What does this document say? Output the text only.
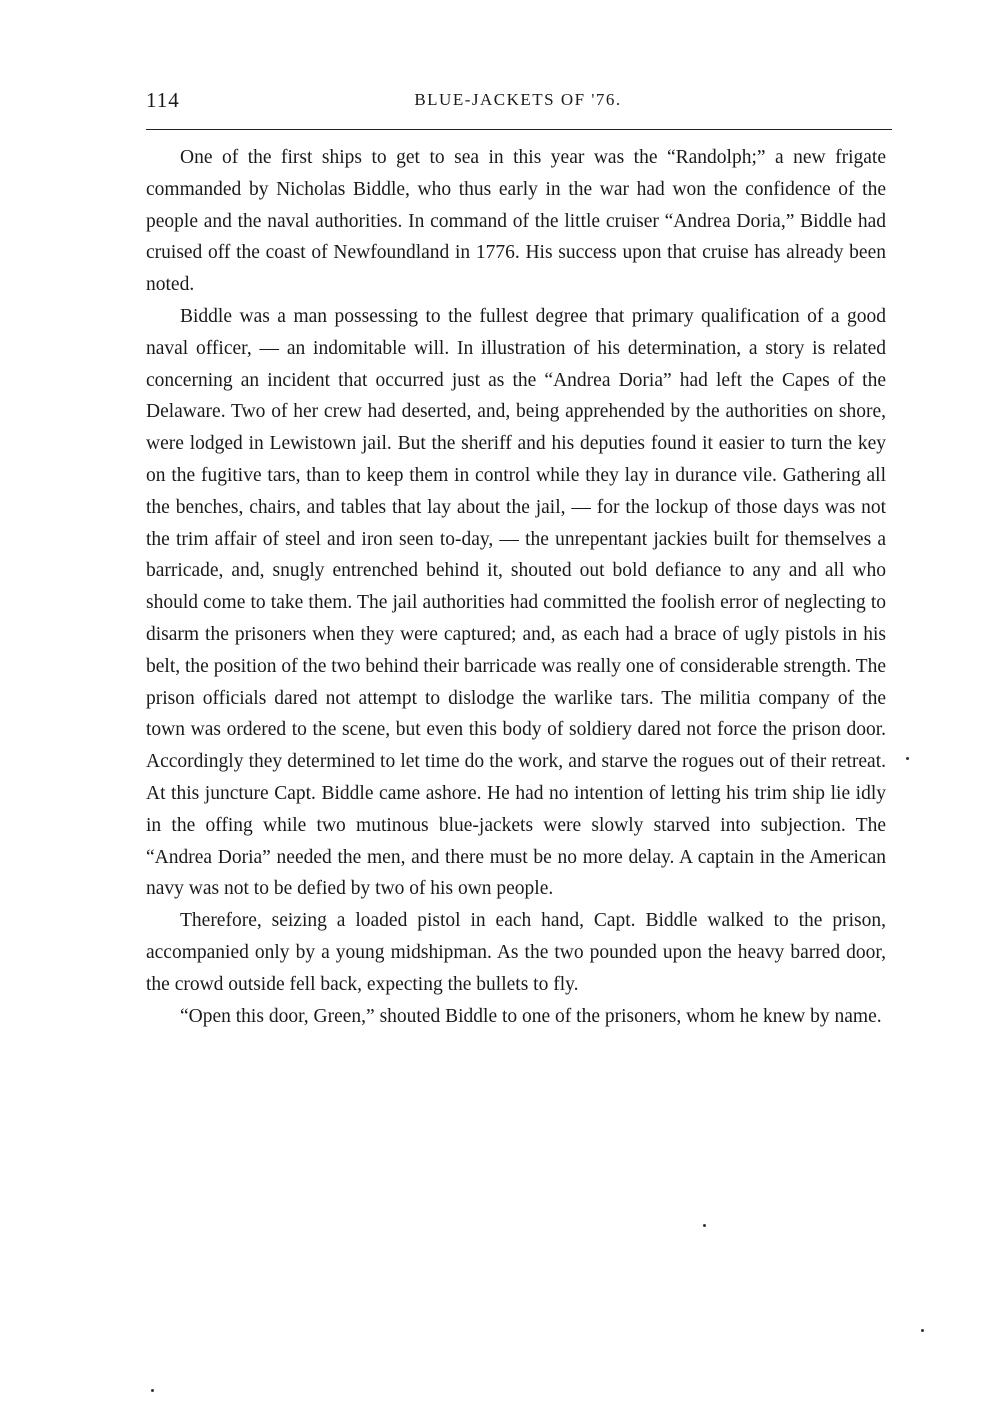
114	BLUE-JACKETS OF '76.

One of the first ships to get to sea in this year was the “Randolph;” a new frigate commanded by Nicholas Biddle, who thus early in the war had won the confidence of the people and the naval authorities. In command of the little cruiser “Andrea Doria,” Biddle had cruised off the coast of Newfoundland in 1776. His success upon that cruise has already been noted.

Biddle was a man possessing to the fullest degree that primary qualification of a good naval officer, — an indomitable will. In illustration of his determination, a story is related concerning an incident that occurred just as the “Andrea Doria” had left the Capes of the Delaware. Two of her crew had deserted, and, being apprehended by the authorities on shore, were lodged in Lewistown jail. But the sheriff and his deputies found it easier to turn the key on the fugitive tars, than to keep them in control while they lay in durance vile. Gathering all the benches, chairs, and tables that lay about the jail, — for the lockup of those days was not the trim affair of steel and iron seen to-day, — the unrepentant jackies built for themselves a barricade, and, snugly entrenched behind it, shouted out bold defiance to any and all who should come to take them. The jail authorities had committed the foolish error of neglecting to disarm the prisoners when they were captured; and, as each had a brace of ugly pistols in his belt, the position of the two behind their barricade was really one of considerable strength. The prison officials dared not attempt to dislodge the warlike tars. The militia company of the town was ordered to the scene, but even this body of soldiery dared not force the prison door. Accordingly they determined to let time do the work, and starve the rogues out of their retreat. At this juncture Capt. Biddle came ashore. He had no intention of letting his trim ship lie idly in the offing while two mutinous blue-jackets were slowly starved into subjection. The “Andrea Doria” needed the men, and there must be no more delay. A captain in the American navy was not to be defied by two of his own people.

Therefore, seizing a loaded pistol in each hand, Capt. Biddle walked to the prison, accompanied only by a young midshipman. As the two pounded upon the heavy barred door, the crowd outside fell back, expecting the bullets to fly.

“Open this door, Green,” shouted Biddle to one of the prisoners, whom he knew by name.
